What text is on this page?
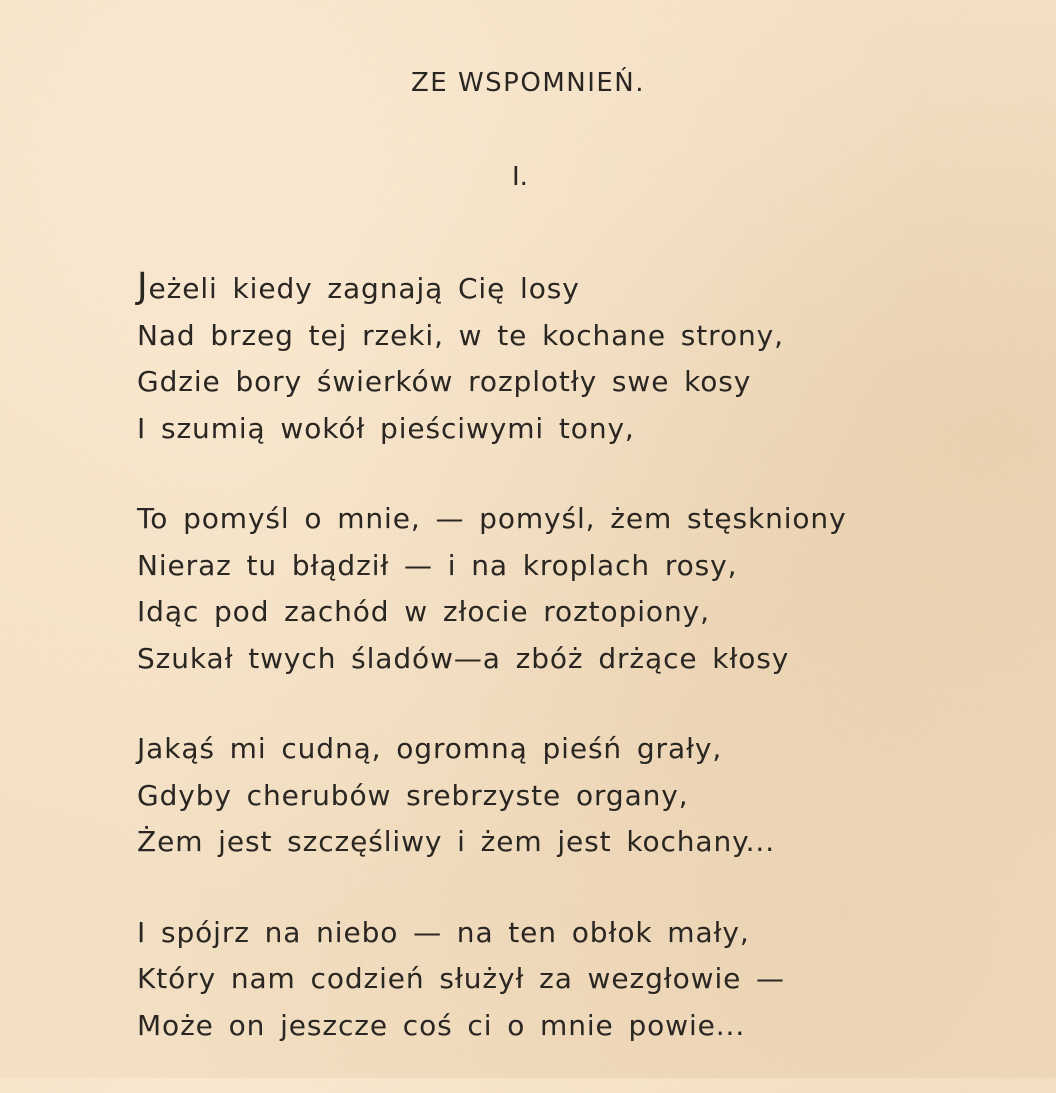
ZE WSPOMNIEŃ.
I.
Jeżeli kiedy zagnają Cię losy
Nad brzeg tej rzeki, w te kochane strony,
Gdzie bory świerków rozplotły swe kosy
I szumią wokół pieściwymi tony,
To pomyśl o mnie, — pomyśl, żem stęskniony
Nieraz tu błądził — i na kroplach rosy,
Idąc pod zachód w złocie roztopiony,
Szukał twych śladów—a zbóż drżące kłosy
Jakąś mi cudną, ogromną pieśń grały,
Gdyby cherubów srebrzyste organy,
Żem jest szczęśliwy i żem jest kochany...
I spójrz na niebo — na ten obłok mały,
Który nam codzień służył za wezgłowie —
Może on jeszcze coś ci o mnie powie...
